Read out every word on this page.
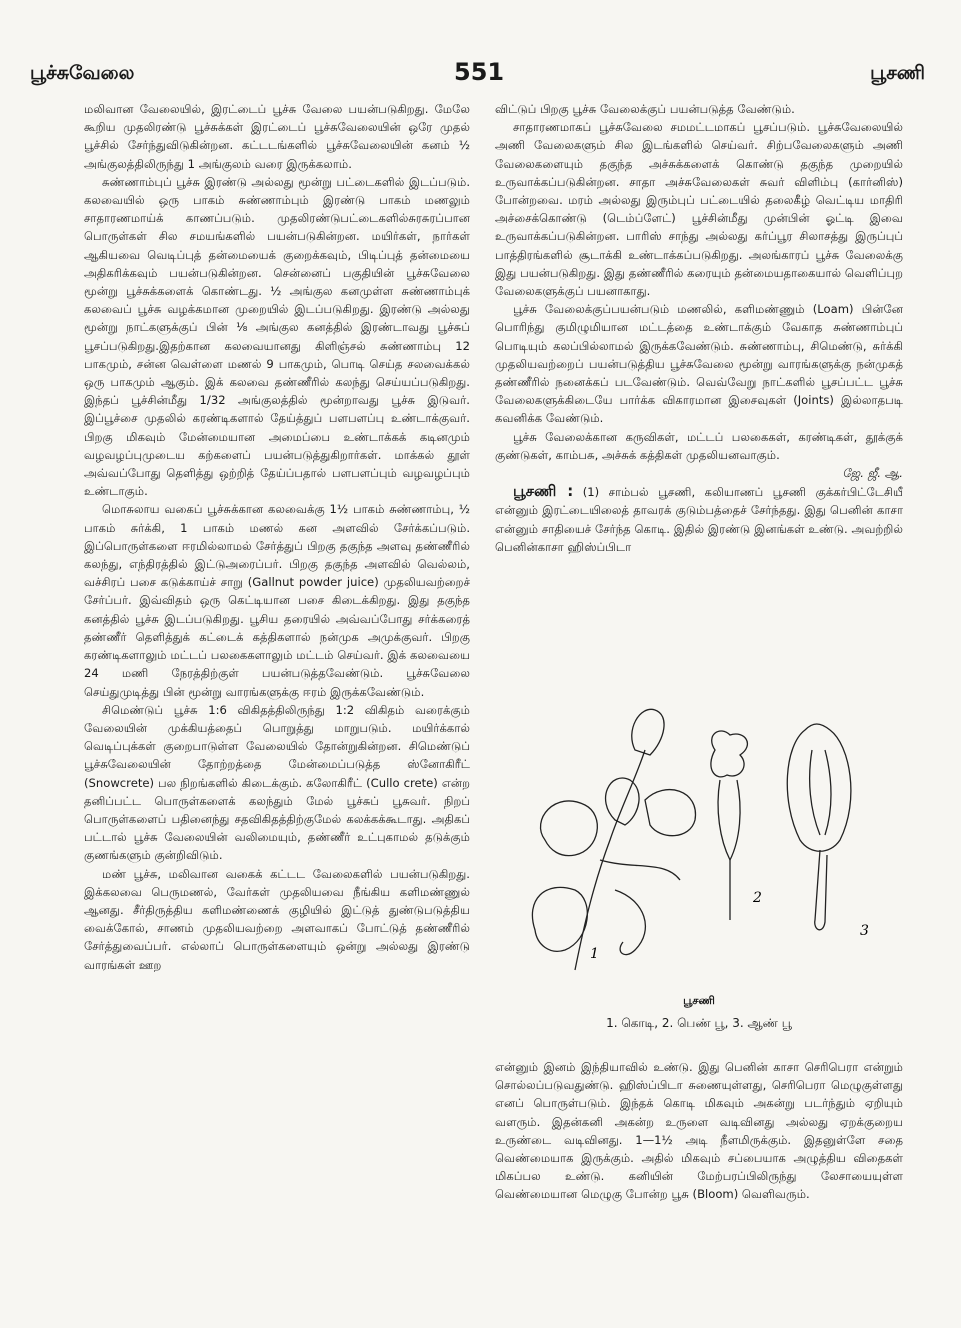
பூச்சுவேலை	551	பூசணி

மலிவான வேலையில், இரட்டைப் பூச்சு வேலை பயன்படுகிறது. மேலே கூறிய முதலிரண்டு பூச்சுக்கள் இரட்டைப் பூச்சுவேலையின் ஒரே முதல் பூச்சில் சேர்ந்துவிடுகின்றன. கட்டடங்களில் பூச்சுவேலையின் கனம் ½ அங்குலத்திலிருந்து 1 அங்குலம் வரை இருக்கலாம்.

சுண்ணாம்புப் பூச்சு இரண்டு அல்லது மூன்று பட்டைகளில் இடப்படும். கலவையில் ஒரு பாகம் சுண்ணாம்பும் இரண்டு பாகம் மணலும் சாதாரணமாய்க் காணப்படும். முதலிரண்டுபட்டைகளில்சுரசுரப்பான பொருள்கள் சில சமயங்களில் பயன்படுகின்றன. மயிர்கள், நார்கள் ஆகியவை வெடிப்புத் தன்மையைக் குறைக்கவும், பிடிப்புத் தன்மையை அதிகரிக்கவும் பயன்படுகின்றன. சென்னைப் பகுதியின் பூச்சுவேலை மூன்று பூச்சுக்களைக் கொண்டது. ½ அங்குல கனமுள்ள சுண்ணாம்புக் கலவைப் பூச்சு வழக்கமான முறையில் இடப்படுகிறது. இரண்டு அல்லது மூன்று நாட்களுக்குப் பின் ⅛ அங்குல கனத்தில் இரண்டாவது பூச்சுப் பூசப்படுகிறது.இதற்கான கலவையானது கிளிஞ்சல் சுண்ணாம்பு 12 பாகமும், சன்ன வெள்ளை மணல் 9 பாகமும், பொடி செய்த சலவைக்கல் ஒரு பாகமும் ஆகும். இக் கலவை தண்ணீரில் கலந்து செய்யப்படுகிறது. இந்தப் பூச்சின்மீது 1/32 அங்குலத்தில் மூன்றாவது பூச்சு இடுவர். இப்பூச்சை முதலில் கரண்டிகளால் தேய்த்துப் பளபளப்பு உண்டாக்குவர். பிறகு மிகவும் மேன்மையான அமைப்பை உண்டாக்கக் கடினமும் வழவழப்புமுடைய கற்களைப் பயன்படுத்துகிறார்கள். மாக்கல் தூள் அவ்வப்போது தெளித்து ஒற்றித் தேய்ப்பதால் பளபளப்பும் வழவழப்பும் உண்டாகும்.

மொசுலாய வகைப் பூச்சுக்கான கலவைக்கு 1½ பாகம் சுண்ணாம்பு, ½ பாகம் சுர்க்கி, 1 பாகம் மணல் கன அளவில் சேர்க்கப்படும். இப்பொருள்களை ஈரமில்லாமல் சேர்த்துப் பிறகு தகுந்த அளவு தண்ணீரில் கலந்து, எந்திரத்தில் இட்டுஅரைப்பர். பிறகு தகுந்த அளவில் வெல்லம், வச்சிரப் பசை கடுக்காய்ச் சாறு (Gallnut powder juice) முதலியவற்றைச் சேர்ப்பர். இவ்விதம் ஒரு கெட்டியான பசை கிடைக்கிறது. இது தகுந்த கனத்தில் பூச்சு இடப்படுகிறது. பூசிய தரையில் அவ்வப்போது சர்க்கரைத் தண்ணீர் தெளித்துக் கட்டைக் கத்திகளால் நன்முக அமுக்குவர். பிறகு கரண்டிகளாலும் மட்டப் பலகைகளாலும் மட்டம் செய்வர். இக் கலவையை 24 மணி நேரத்திற்குள் பயன்படுத்தவேண்டும். பூச்சுவேலை செய்துமுடித்து பின் மூன்று வாரங்களுக்கு ஈரம் இருக்கவேண்டும்.

சிமெண்டுப் பூச்சு 1:6 விகிதத்திலிருந்து 1:2 விகிதம் வரைக்கும் வேலையின் முக்கியத்தைப் பொறுத்து மாறுபடும். மயிர்க்கால் வெடிப்புக்கள் குறைபாடுள்ள வேலையில் தோன்றுகின்றன. சிமெண்டுப் பூச்சுவேலையின் தோற்றத்தை மேன்மைப்படுத்த ஸ்னோகிரீட் (Snowcrete) பல நிறங்களில் கிடைக்கும். கலோகிரீட் (Cullo crete) என்ற தனிப்பட்ட பொருள்களைக் கலந்தும் மேல் பூச்சுப் பூசுவர். நிறப் பொருள்களைப் பதினைந்து சதவிகிதத்திற்குமேல் கலக்கக்கூடாது. அதிகப் பட்டால் பூச்சு வேலையின் வலிமையும், தண்ணீர் உட்புகாமல் தடுக்கும் குணங்களும் குன்றிவிடும்.

மண் பூச்சு, மலிவான வகைக் கட்டட வேலைகளில் பயன்படுகிறது. இக்கலவை பெருமணல், வேர்கள் முதலியவை நீங்கிய களிமண்ணுல் ஆனது. சீர்திருத்திய களிமண்ணைக் குழியில் இட்டுத் துண்டுபடுத்திய வைக்கோல், சாணம் முதலியவற்றை அளவாகப் போட்டுத் தண்ணீரில் சேர்த்துவைப்பர். எல்லாப் பொருள்களையும் ஒன்று அல்லது இரண்டு வாரங்கள் ஊற

விட்டுப் பிறகு பூச்சு வேலைக்குப் பயன்படுத்த வேண்டும்.

சாதாரணமாகப் பூச்சுவேலை சமமட்டமாகப் பூசப்படும். பூச்சுவேலையில் அணி வேலைகளும் சில இடங்களில் செய்வர். சிற்பவேலைகளும் அணி வேலைகளையும் தகுந்த அச்சுக்களைக் கொண்டு தகுந்த முறையில் உருவாக்கப்படுகின்றன. சாதா அச்சுவேலைகள் சுவர் விளிம்பு (கார்னிஸ்) போன்றவை. மரம் அல்லது இரும்புப் பட்டையில் தலைகீழ் வெட்டிய மாதிரி அச்சைக்கொண்டு (டெம்ப்ளேட்) பூச்சின்மீது முன்பின் ஓட்டி இவை உருவாக்கப்படுகின்றன. பாரிஸ் சாந்து அல்லது கர்ப்பூர சிலாசத்து இருப்புப் பாத்திரங்களில் சூடாக்கி உண்டாக்கப்படுகிறது. அலங்காரப் பூச்சு வேலைக்கு இது பயன்படுகிறது. இது தண்ணீரில் கரையும் தன்மையதாகையால் வெளிப்புற வேலைகளுக்குப் பயனாகாது.

பூச்சு வேலைக்குப்பயன்படும் மணலில், களிமண்ணும் (Loam) பின்னே பொரிந்து குமிழுமியான மட்டத்தை உண்டாக்கும் வேகாத சுண்ணாம்புப் பொடியும் கலப்பில்லாமல் இருக்கவேண்டும். சுண்ணாம்பு, சிமெண்டு, சுர்க்கி முதலியவற்றைப் பயன்படுத்திய பூச்சுவேலை மூன்று வாரங்களுக்கு நன்முகத் தண்ணீரில் நனைக்கப் படவேண்டும். வெவ்வேறு நாட்களில் பூசப்பட்ட பூச்சு வேலைகளுக்கிடையே பார்க்க விகாரமான இசைவுகள் (Joints) இல்லாதபடி கவனிக்க வேண்டும்.

பூச்சு வேலைக்கான கருவிகள், மட்டப் பலகைகள், கரண்டிகள், தூக்குக் குண்டுகள், காம்பசு, அச்சுக் கத்திகள் முதலியனவாகும்.

ஜே. ஜீ. ஆ.

பூசணி : (1) சாம்பல் பூசணி, கலியாணப் பூசணி குக்கர்பிட்டேசியீ என்னும் இரட்டையிலைத் தாவரக் குடும்பத்தைச் சேர்ந்தது. இது பெனின் காசா என்னும் சாதியைச் சேர்ந்த கொடி. இதில் இரண்டு இனங்கள் உண்டு. அவற்றில் பெனின்காசா ஹிஸ்ப்பிடா

1
2
3
பூசணி
1. கொடி, 2. பெண் பூ, 3. ஆண் பூ

என்னும் இனம் இந்தியாவில் உண்டு. இது பெனின் காசா செரிபெரா என்றும் சொல்லப்படுவதுண்டு. ஹிஸ்ப்பிடா சுணையுள்ளது, செரிபெரா மெழுகுள்ளது எனப் பொருள்படும். இந்தக் கொடி மிகவும் அகன்று படர்ந்தும் ஏறியும் வளரும். இதன்கனி அகன்ற உருளை வடிவினது அல்லது ஏறக்குறைய உருண்டை வடிவினது. 1—1½ அடி நீளமிருக்கும். இதனுள்ளே சதை வெண்மையாக இருக்கும். அதில் மிகவும் சப்பையாக அழுத்திய விதைகள் மிகப்பல உண்டு. கனியின் மேற்பரப்பிலிருந்து லேசாயையுள்ள வெண்மையான மெழுகு போன்ற பூசு (Bloom) வெளிவரும்.
